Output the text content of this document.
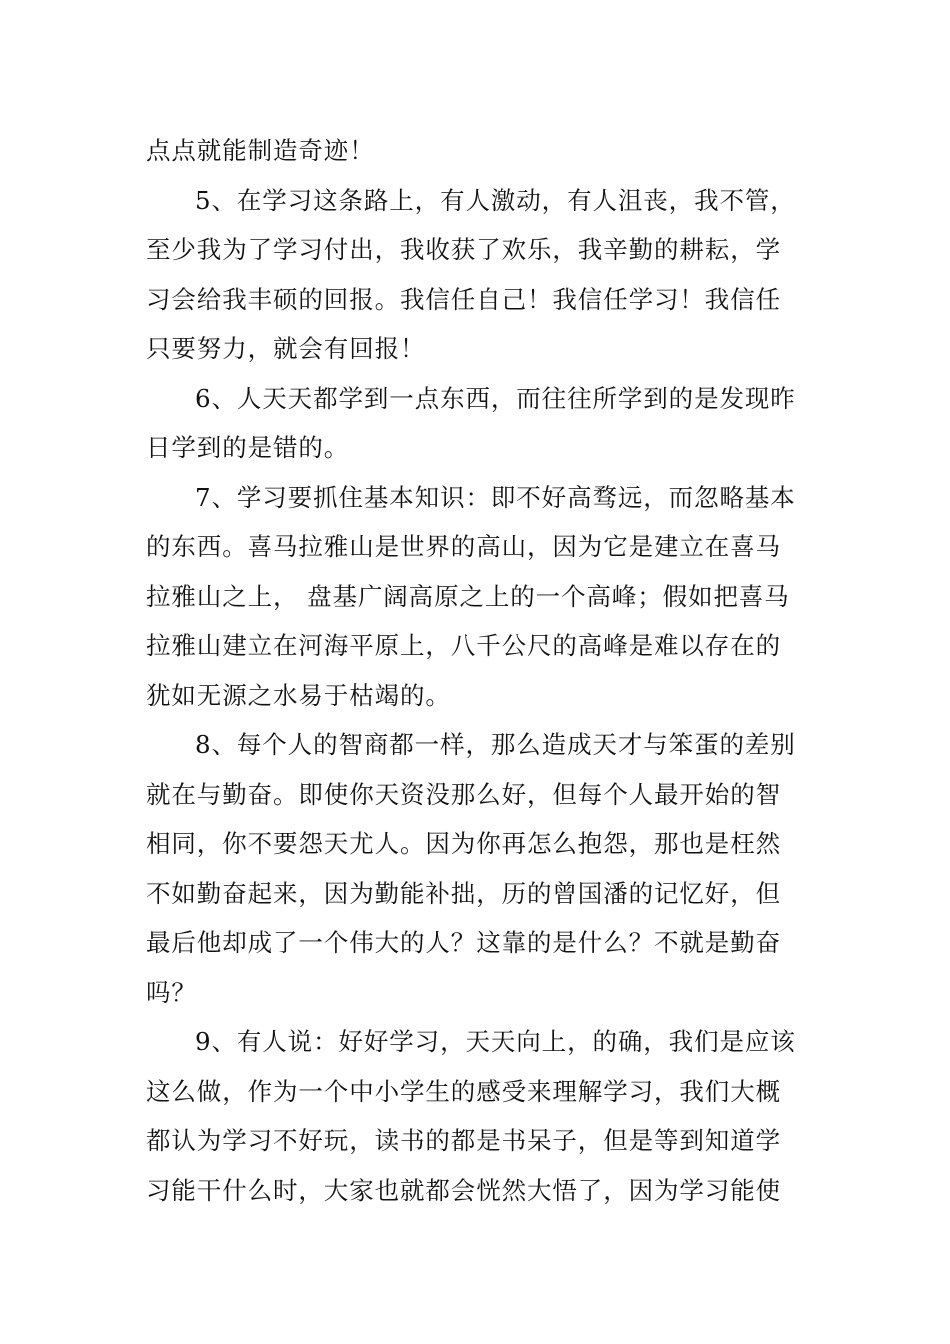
点点就能制造奇迹！
5、在学习这条路上，有人激动，有人沮丧，我不管，
至少我为了学习付出，我收获了欢乐，我辛勤的耕耘，学
习会给我丰硕的回报。我信任自己！我信任学习！我信任
只要努力，就会有回报！
6、人天天都学到一点东西，而往往所学到的是发现昨
日学到的是错的。
7、学习要抓住基本知识：即不好高骛远，而忽略基本
的东西。喜马拉雅山是世界的高山，因为它是建立在喜马
拉雅山之上， 盘基广阔高原之上的一个高峰；假如把喜马
拉雅山建立在河海平原上，八千公尺的高峰是难以存在的
犹如无源之水易于枯竭的。
8、每个人的智商都一样，那么造成天才与笨蛋的差别
就在与勤奋。即使你天资没那么好，但每个人最开始的智
相同，你不要怨天尤人。因为你再怎么抱怨，那也是枉然
不如勤奋起来，因为勤能补拙，历的曾国潘的记忆好，但
最后他却成了一个伟大的人？这靠的是什么？不就是勤奋
吗？
9、有人说：好好学习，天天向上，的确，我们是应该
这么做，作为一个中小学生的感受来理解学习，我们大概
都认为学习不好玩，读书的都是书呆子，但是等到知道学
习能干什么时，大家也就都会恍然大悟了，因为学习能使
